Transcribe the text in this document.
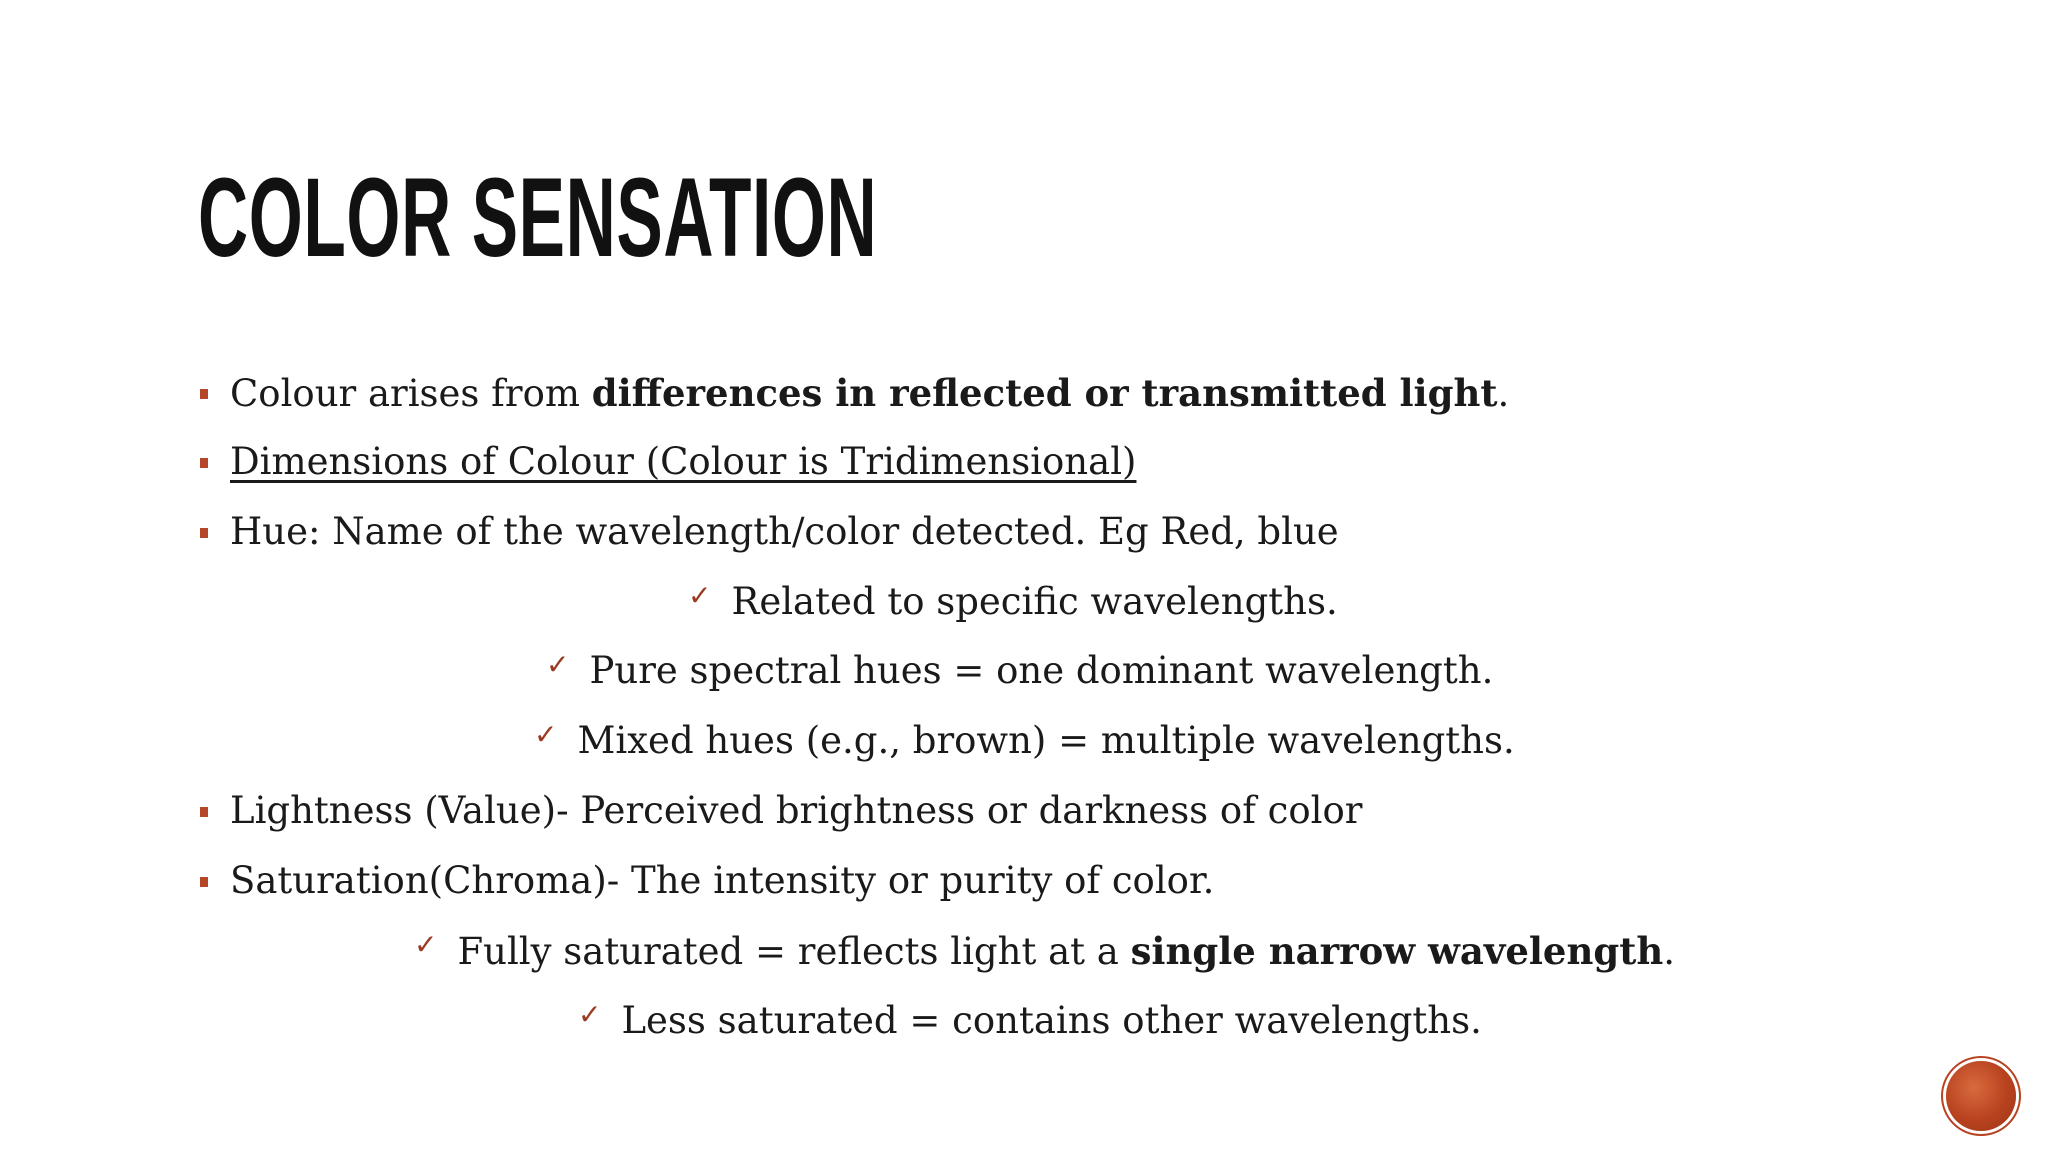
COLOR SENSATION
Colour arises from differences in reflected or transmitted light.
Dimensions of Colour (Colour is Tridimensional)
Hue: Name of the wavelength/color detected. Eg Red, blue
✓ Related to specific wavelengths.
✓ Pure spectral hues = one dominant wavelength.
✓ Mixed hues (e.g., brown) = multiple wavelengths.
Lightness (Value)- Perceived brightness or darkness of color
Saturation(Chroma)- The intensity or purity of color.
✓ Fully saturated = reflects light at a single narrow wavelength.
✓ Less saturated = contains other wavelengths.
